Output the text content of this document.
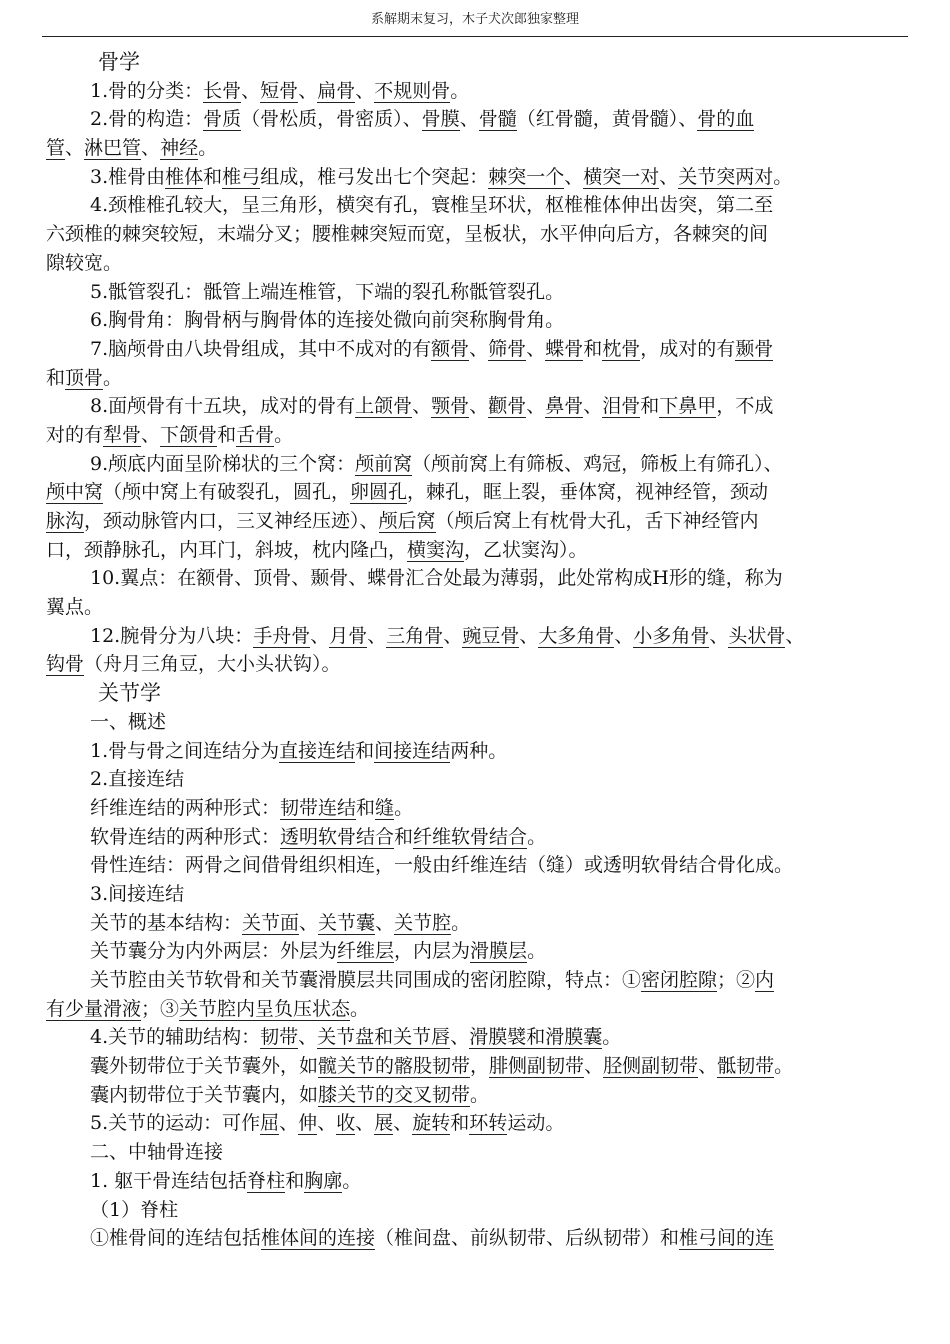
系解期末复习，木子犬次郎独家整理
骨学
1.骨的分类：长骨、短骨、扁骨、不规则骨。
2.骨的构造：骨质（骨松质，骨密质）、骨膜、骨髓（红骨髓，黄骨髓）、骨的血
管、淋巴管、神经。
3.椎骨由椎体和椎弓组成，椎弓发出七个突起：棘突一个、横突一对、关节突两对。
4.颈椎椎孔较大，呈三角形，横突有孔，寰椎呈环状，枢椎椎体伸出齿突，第二至
六颈椎的棘突较短，末端分叉；腰椎棘突短而宽，呈板状，水平伸向后方，各棘突的间
隙较宽。
5.骶管裂孔：骶管上端连椎管，下端的裂孔称骶管裂孔。
6.胸骨角：胸骨柄与胸骨体的连接处微向前突称胸骨角。
7.脑颅骨由八块骨组成，其中不成对的有额骨、筛骨、蝶骨和枕骨，成对的有颞骨
和顶骨。
8.面颅骨有十五块，成对的骨有上颌骨、颚骨、颧骨、鼻骨、泪骨和下鼻甲，不成
对的有犁骨、下颌骨和舌骨。
9.颅底内面呈阶梯状的三个窝：颅前窝（颅前窝上有筛板、鸡冠，筛板上有筛孔）、
颅中窝（颅中窝上有破裂孔，圆孔，卵圆孔，棘孔，眶上裂，垂体窝，视神经管，颈动
脉沟，颈动脉管内口，三叉神经压迹）、颅后窝（颅后窝上有枕骨大孔，舌下神经管内
口，颈静脉孔，内耳门，斜坡，枕内隆凸，横窦沟，乙状窦沟）。
10.翼点：在额骨、顶骨、颞骨、蝶骨汇合处最为薄弱，此处常构成H形的缝，称为
翼点。
12.腕骨分为八块：手舟骨、月骨、三角骨、豌豆骨、大多角骨、小多角骨、头状骨、
钩骨（舟月三角豆，大小头状钩）。
关节学
一、概述
1.骨与骨之间连结分为直接连结和间接连结两种。
2.直接连结
纤维连结的两种形式：韧带连结和缝。
软骨连结的两种形式：透明软骨结合和纤维软骨结合。
骨性连结：两骨之间借骨组织相连，一般由纤维连结（缝）或透明软骨结合骨化成。
3.间接连结
关节的基本结构：关节面、关节囊、关节腔。
关节囊分为内外两层：外层为纤维层，内层为滑膜层。
关节腔由关节软骨和关节囊滑膜层共同围成的密闭腔隙，特点：①密闭腔隙；②内
有少量滑液；③关节腔内呈负压状态。
4.关节的辅助结构：韧带、关节盘和关节唇、滑膜襞和滑膜囊。
囊外韧带位于关节囊外，如髋关节的髂股韧带，腓侧副韧带、胫侧副韧带、骶韧带。
囊内韧带位于关节囊内，如膝关节的交叉韧带。
5.关节的运动：可作屈、伸、收、展、旋转和环转运动。
二、中轴骨连接
1. 躯干骨连结包括脊柱和胸廓。
（1）脊柱
①椎骨间的连结包括椎体间的连接（椎间盘、前纵韧带、后纵韧带）和椎弓间的连
